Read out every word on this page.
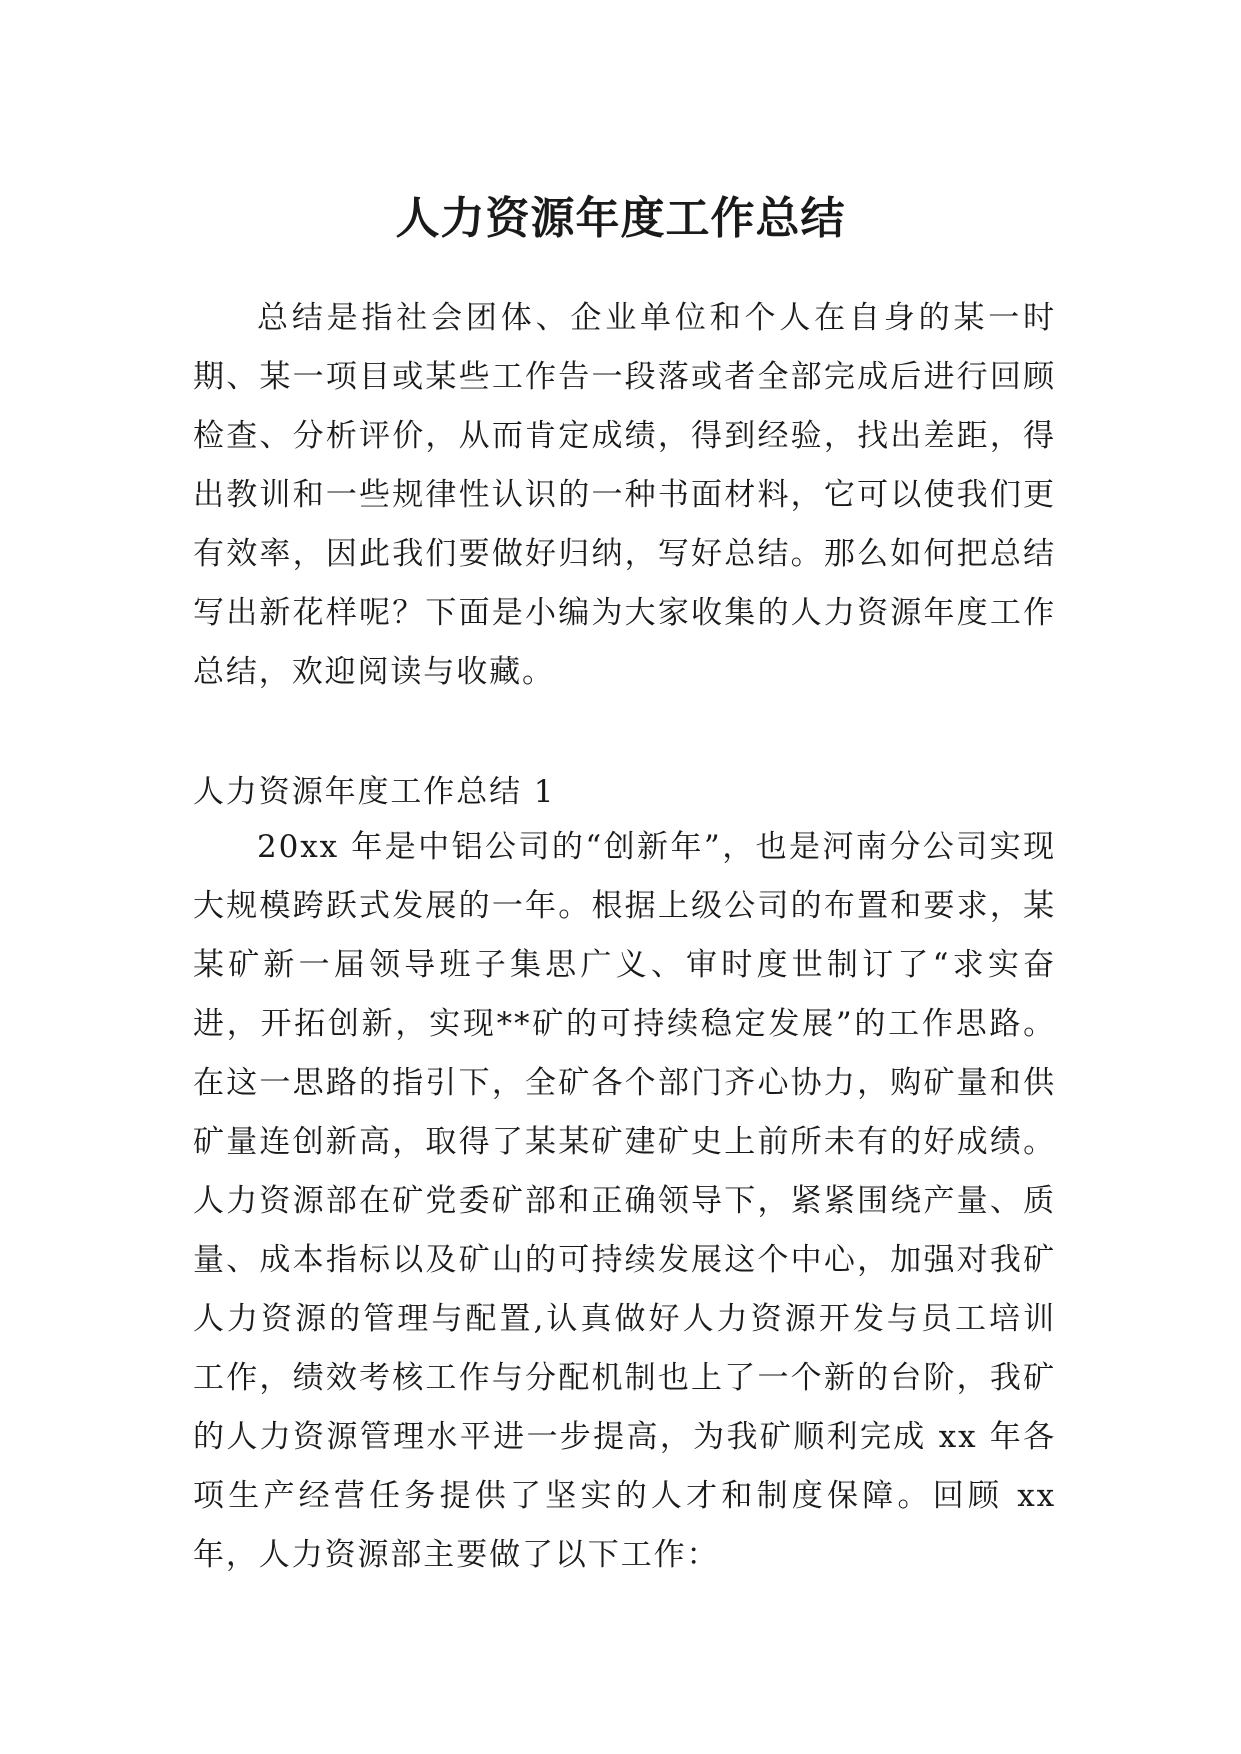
人力资源年度工作总结

总结是指社会团体、企业单位和个人在自身的某一时期、某一项目或某些工作告一段落或者全部完成后进行回顾检查、分析评价，从而肯定成绩，得到经验，找出差距，得出教训和一些规律性认识的一种书面材料，它可以使我们更有效率，因此我们要做好归纳，写好总结。那么如何把总结写出新花样呢？下面是小编为大家收集的人力资源年度工作总结，欢迎阅读与收藏。

人力资源年度工作总结 1

20xx 年是中铝公司的“创新年”，也是河南分公司实现大规模跨跃式发展的一年。根据上级公司的布置和要求，某某矿新一届领导班子集思广义、审时度世制订了“求实奋进，开拓创新，实现**矿的可持续稳定发展”的工作思路。在这一思路的指引下，全矿各个部门齐心协力，购矿量和供矿量连创新高，取得了某某矿建矿史上前所未有的好成绩。人力资源部在矿党委矿部和正确领导下，紧紧围绕产量、质量、成本指标以及矿山的可持续发展这个中心，加强对我矿人力资源的管理与配置,认真做好人力资源开发与员工培训工作，绩效考核工作与分配机制也上了一个新的台阶，我矿的人力资源管理水平进一步提高，为我矿顺利完成 xx 年各项生产经营任务提供了坚实的人才和制度保障。回顾 xx 年，人力资源部主要做了以下工作：
